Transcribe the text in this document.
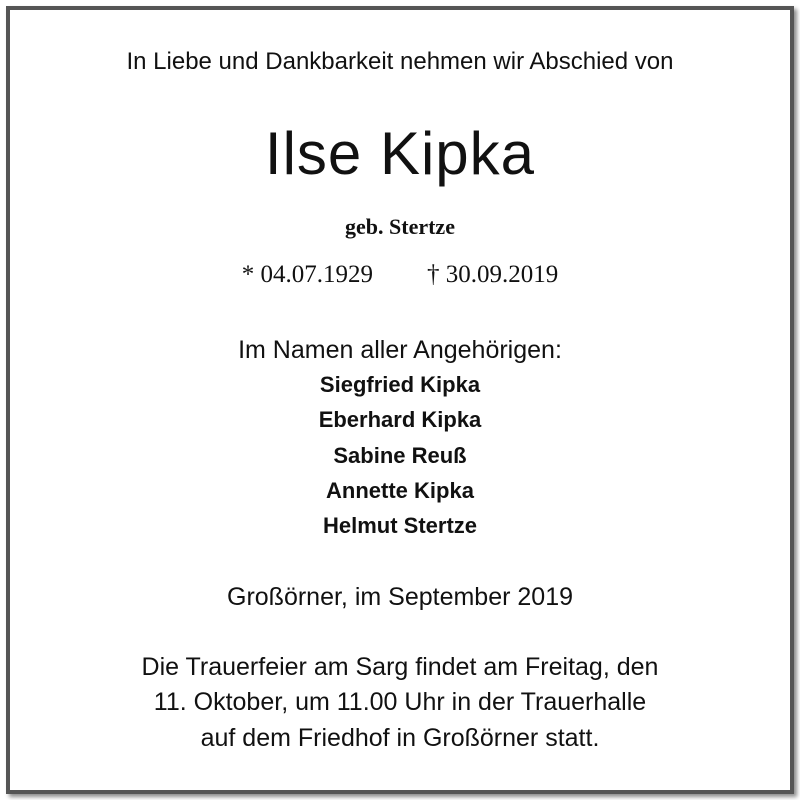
In Liebe und Dankbarkeit nehmen wir Abschied von
Ilse Kipka
geb. Stertze
* 04.07.1929 † 30.09.2019
Im Namen aller Angehörigen:
Siegfried Kipka
Eberhard Kipka
Sabine Reuß
Annette Kipka
Helmut Stertze
Großörner, im September 2019
Die Trauerfeier am Sarg findet am Freitag, den
11. Oktober, um 11.00 Uhr in der Trauerhalle
auf dem Friedhof in Großörner statt.
